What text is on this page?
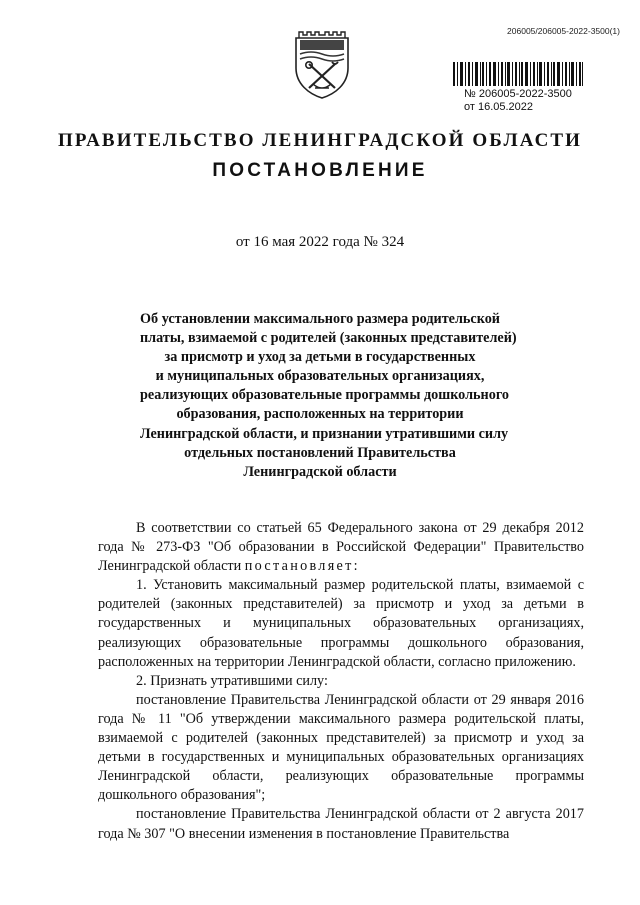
206005/206005-2022-3500(1)
№ 206005-2022-3500
от 16.05.2022
ПРАВИТЕЛЬСТВО ЛЕНИНГРАДСКОЙ ОБЛАСТИ
ПОСТАНОВЛЕНИЕ
от 16 мая 2022 года № 324
Об установлении максимального размера родительской
платы, взимаемой с родителей (законных представителей)
за присмотр и уход за детьми в государственных
и муниципальных образовательных организациях,
реализующих образовательные программы дошкольного
образования, расположенных на территории
Ленинградской области, и признании утратившими силу
отдельных постановлений Правительства
Ленинградской области

В соответствии со статьей 65 Федерального закона от 29 декабря 2012 года № 273-ФЗ "Об образовании в Российской Федерации" Правительство Ленинградской области постановляет:

1. Установить максимальный размер родительской платы, взимаемой с родителей (законных представителей) за присмотр и уход за детьми в государственных и муниципальных образовательных организациях, реализующих образовательные программы дошкольного образования, расположенных на территории Ленинградской области, согласно приложению.

2. Признать утратившими силу:

постановление Правительства Ленинградской области от 29 января 2016 года № 11 "Об утверждении максимального размера родительской платы, взимаемой с родителей (законных представителей) за присмотр и уход за детьми в государственных и муниципальных образовательных организациях Ленинградской области, реализующих образовательные программы дошкольного образования";

постановление Правительства Ленинградской области от 2 августа 2017 года № 307 "О внесении изменения в постановление Правительства
